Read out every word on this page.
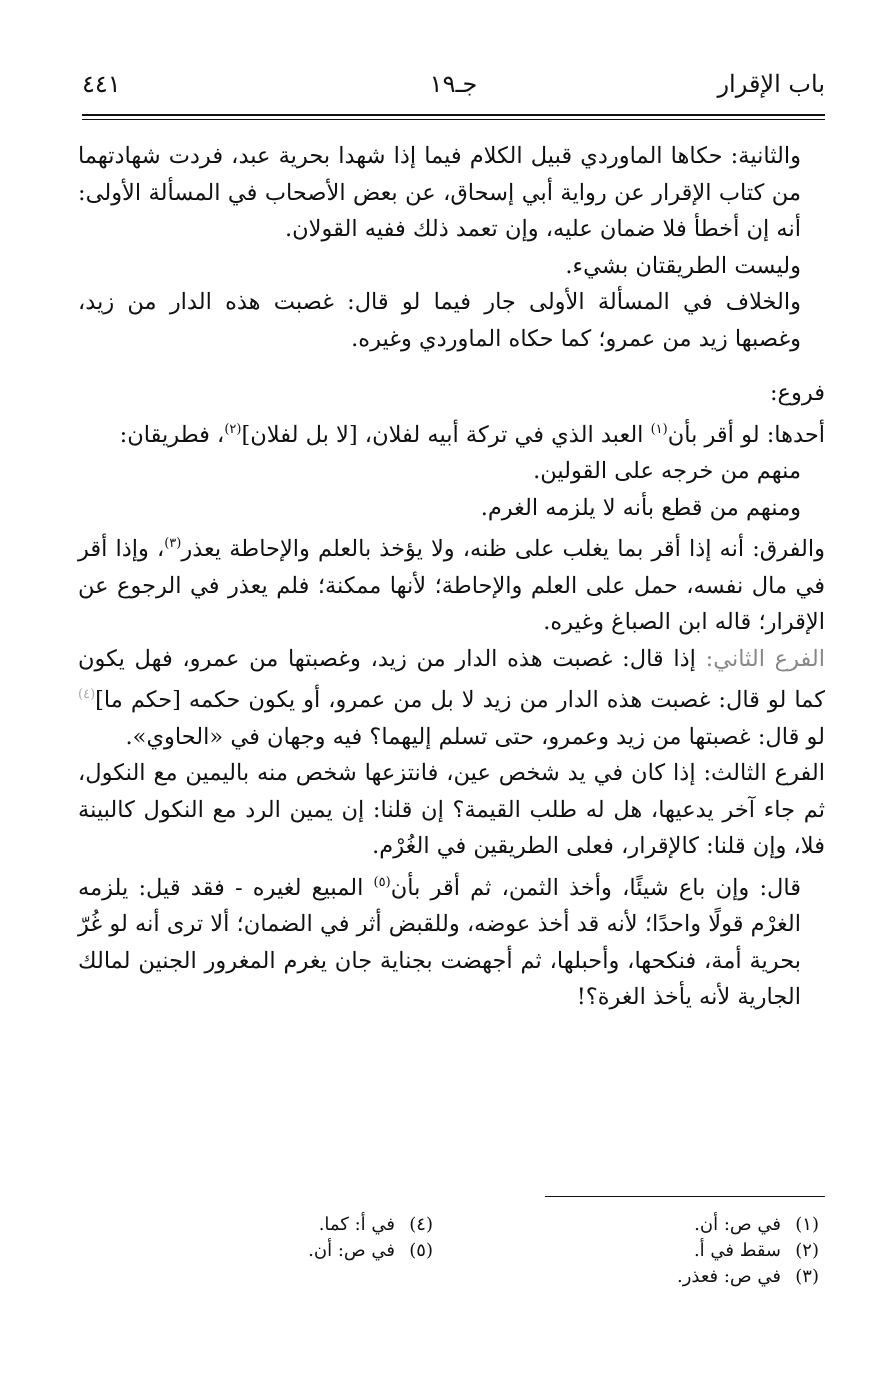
باب الإقرار
جـ١٩
٤٤١

والثانية: حكاها الماوردي قبيل الكلام فيما إذا شهدا بحرية عبد، فردت شهادتهما من كتاب الإقرار عن رواية أبي إسحاق، عن بعض الأصحاب في المسألة الأولى: أنه إن أخطأ فلا ضمان عليه، وإن تعمد ذلك ففيه القولان.

وليست الطريقتان بشيء.

والخلاف في المسألة الأولى جار فيما لو قال: غصبت هذه الدار من زيد، وغصبها زيد من عمرو؛ كما حكاه الماوردي وغيره.

فروع:

أحدها: لو أقر بأن$^{(١)}$ العبد الذي في تركة أبيه لفلان، [لا بل لفلان]$^{(٢)}$، فطريقان:

منهم من خرجه على القولين.

ومنهم من قطع بأنه لا يلزمه الغرم.

والفرق: أنه إذا أقر بما يغلب على ظنه، ولا يؤخذ بالعلم والإحاطة يعذر$^{(٣)}$، وإذا أقر في مال نفسه، حمل على العلم والإحاطة؛ لأنها ممكنة؛ فلم يعذر في الرجوع عن الإقرار؛ قاله ابن الصباغ وغيره.

الفرع الثاني: إذا قال: غصبت هذه الدار من زيد، وغصبتها من عمرو، فهل يكون كما لو قال: غصبت هذه الدار من زيد لا بل من عمرو، أو يكون حكمه [حكم ما]$^{(٤)}$ لو قال: غصبتها من زيد وعمرو، حتى تسلم إليهما؟ فيه وجهان في «الحاوي».

الفرع الثالث: إذا كان في يد شخص عين، فانتزعها شخص منه باليمين مع النكول، ثم جاء آخر يدعيها، هل له طلب القيمة؟ إن قلنا: إن يمين الرد مع النكول كالبينة فلا، وإن قلنا: كالإقرار، فعلى الطريقين في الغُرْم.

قال: وإن باع شيئًا، وأخذ الثمن، ثم أقر بأن$^{(٥)}$ المبيع لغيره - فقد قيل: يلزمه الغرْم قولًا واحدًا؛ لأنه قد أخذ عوضه، وللقبض أثر في الضمان؛ ألا ترى أنه لو غُرّ بحرية أمة، فنكحها، وأحبلها، ثم أجهضت بجناية جان يغرم المغرور الجنين لمالك الجارية لأنه يأخذ الغرة؟!

(١)في ص: أن.
(٢)سقط في أ.
(٣)في ص: فعذر.
(٤)في أ: كما.
(٥)في ص: أن.
